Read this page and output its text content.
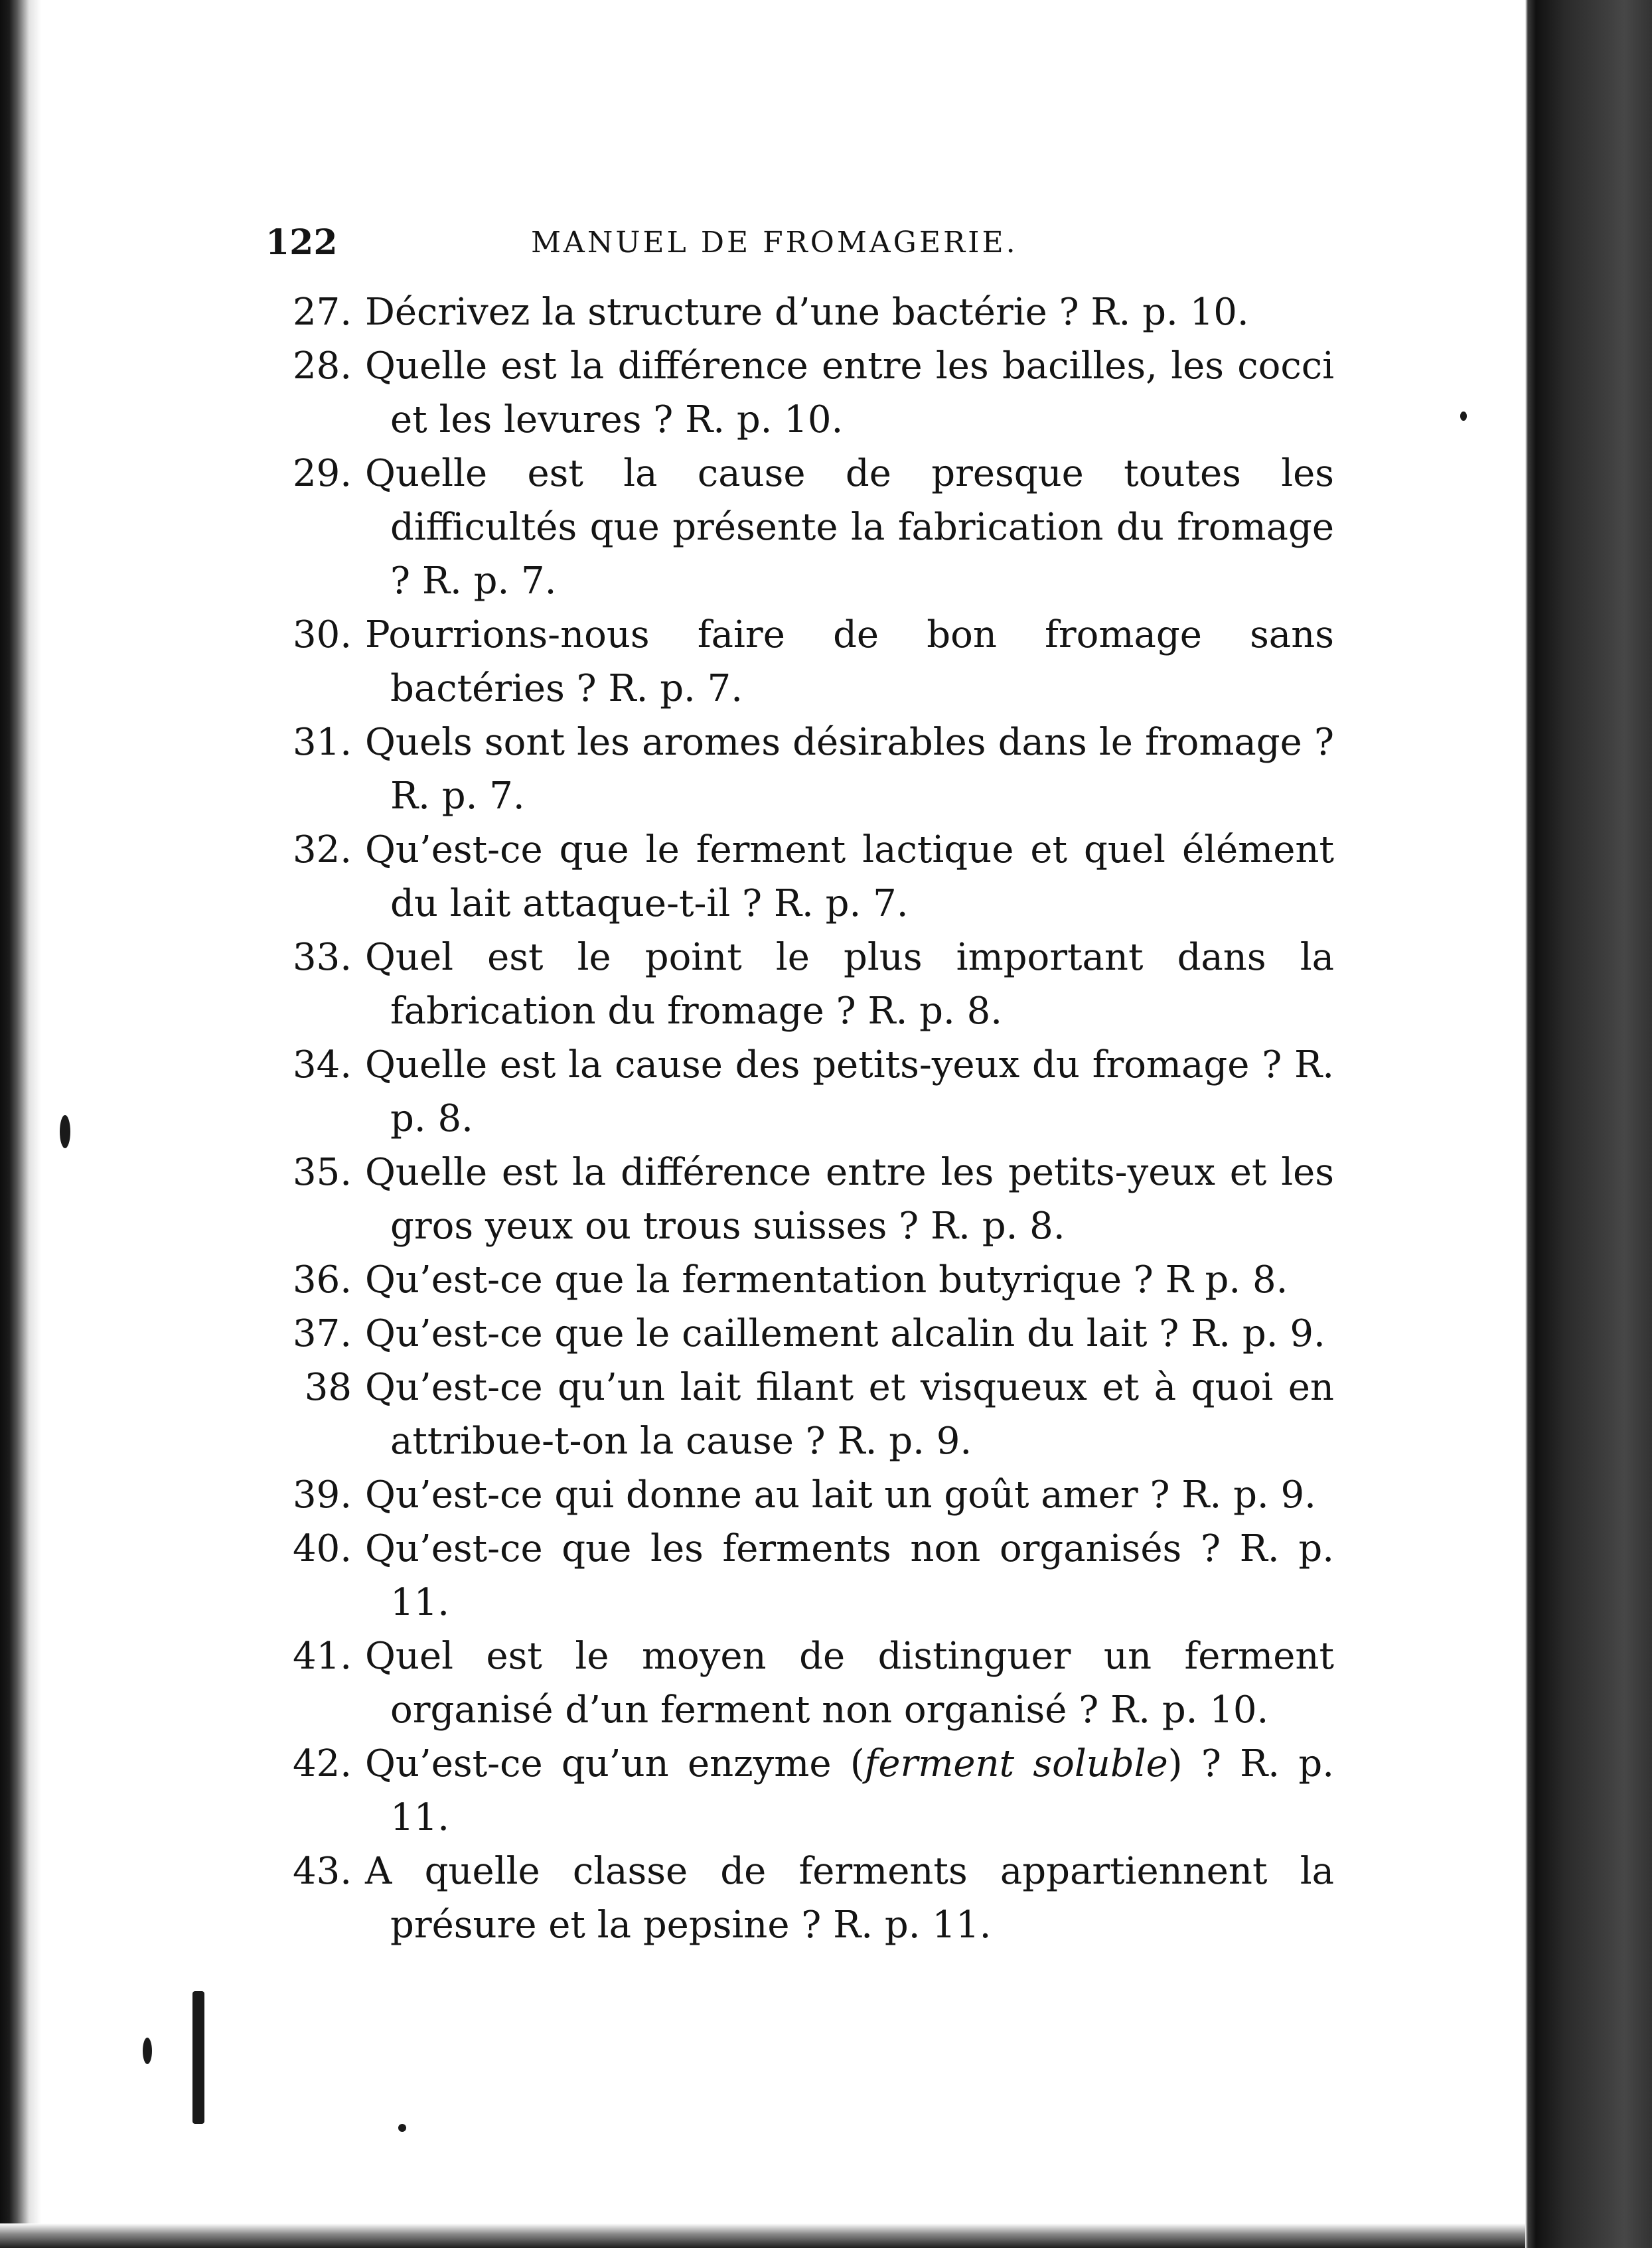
122	MANUEL DE FROMAGERIE.
27. Décrivez la structure d’une bactérie ? R. p. 10.
28. Quelle est la différence entre les bacilles, les cocci et les levures ? R. p. 10.
29. Quelle est la cause de presque toutes les difficultés que présente la fabrication du fromage ? R. p. 7.
30. Pourrions-nous faire de bon fromage sans bactéries ? R. p. 7.
31. Quels sont les aromes désirables dans le fromage ? R. p. 7.
32. Qu’est-ce que le ferment lactique et quel élément du lait attaque-t-il ? R. p. 7.
33. Quel est le point le plus important dans la fabrication du fromage ? R. p. 8.
34. Quelle est la cause des petits-yeux du fromage ? R. p. 8.
35. Quelle est la différence entre les petits-yeux et les gros yeux ou trous suisses ? R. p. 8.
36. Qu’est-ce que la fermentation butyrique ? R p. 8.
37. Qu’est-ce que le caillement alcalin du lait ? R. p. 9.
38 Qu’est-ce qu’un lait filant et visqueux et à quoi en attribue-t-on la cause ? R. p. 9.
39. Qu’est-ce qui donne au lait un goût amer ? R. p. 9.
40. Qu’est-ce que les ferments non organisés ? R. p. 11.
41. Quel est le moyen de distinguer un ferment organisé d’un ferment non organisé ? R. p. 10.
42. Qu’est-ce qu’un enzyme (ferment soluble) ? R. p. 11.
43. A quelle classe de ferments appartiennent la présure et la pepsine ? R. p. 11.
